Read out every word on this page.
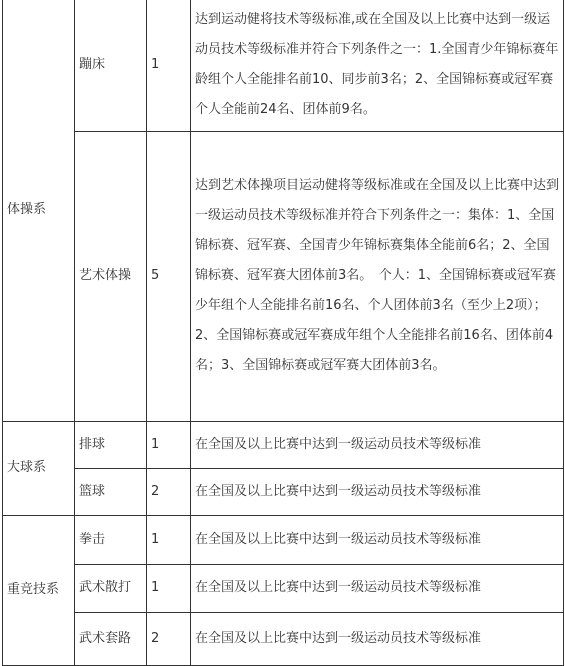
体操系	蹦床	1	达到运动健将技术等级标准,或在全国及以上比赛中达到一级运动员技术等级标准并符合下列条件之一：1.全国青少年锦标赛年龄组个人全能排名前10、同步前3名；2、全国锦标赛或冠军赛个人全能前24名、团体前9名。

	艺术体操	5	达到艺术体操项目运动健将等级标准或在全国及以上比赛中达到一级运动员技术等级标准并符合下列条件之一：集体：1、全国锦标赛、冠军赛、全国青少年锦标赛集体全能前6名；2、全国锦标赛、冠军赛大团体前3名。　个人：1、全国锦标赛或冠军赛少年组个人全能排名前16名、个人团体前3名（至少上2项）；2、全国锦标赛或冠军赛成年组个人全能排名前16名、团体前4名；3、全国锦标赛或冠军赛大团体前3名。

大球系	排球	1	在全国及以上比赛中达到一级运动员技术等级标准
	篮球	2	在全国及以上比赛中达到一级运动员技术等级标准
重竞技系	拳击	1	在全国及以上比赛中达到一级运动员技术等级标准
	武术散打	1	在全国及以上比赛中达到一级运动员技术等级标准
	武术套路	2	在全国及以上比赛中达到一级运动员技术等级标准
